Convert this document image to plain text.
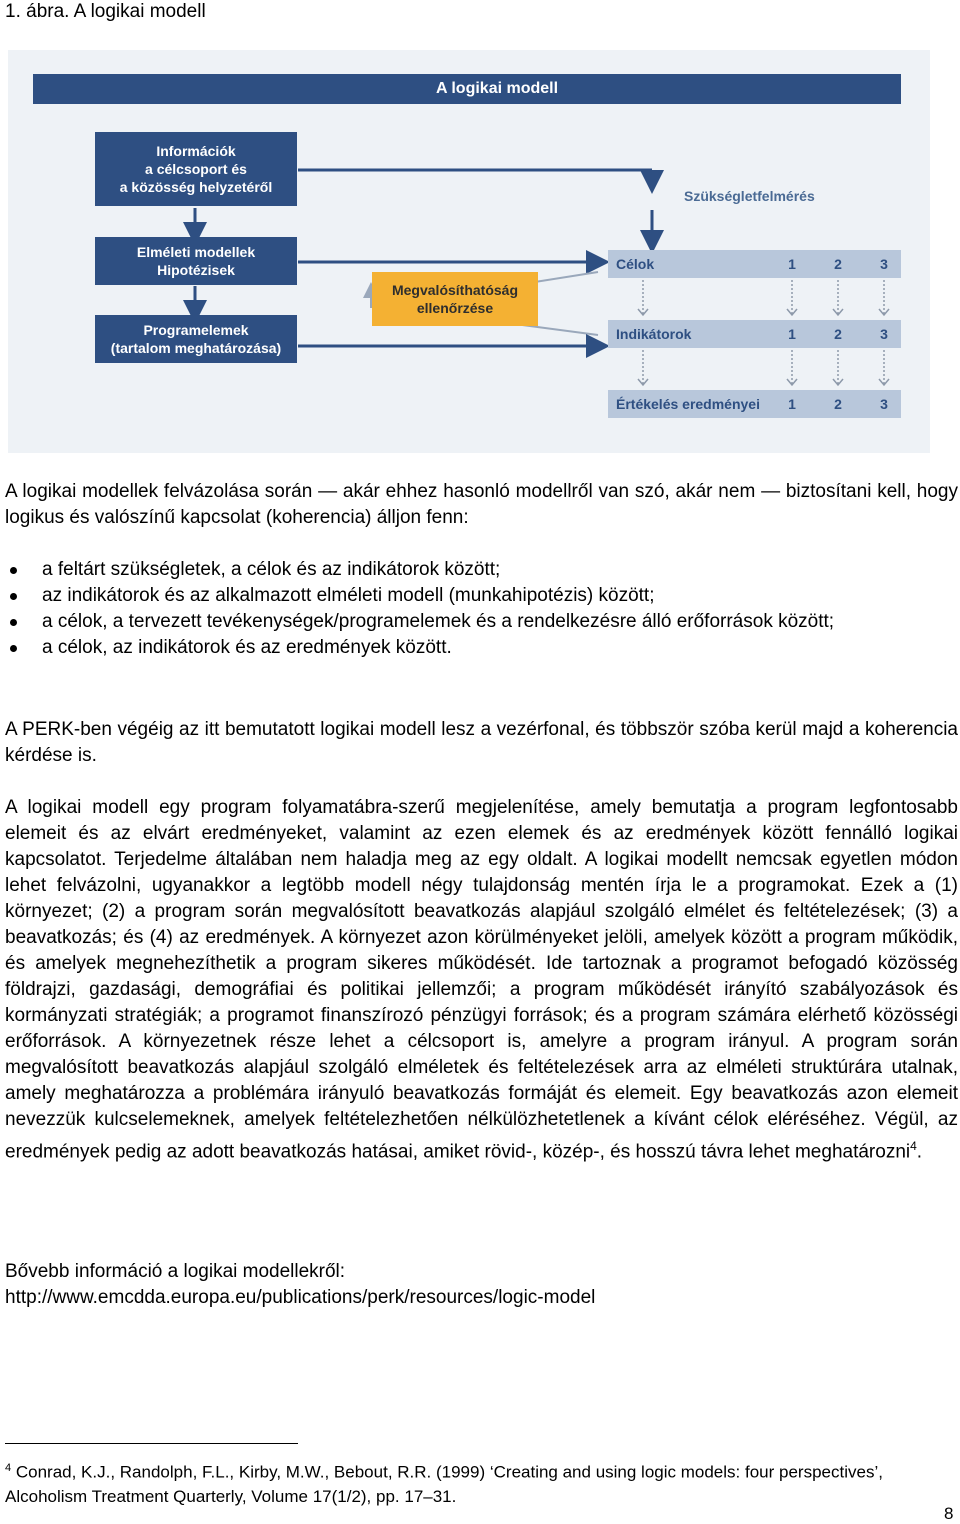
1. ábra. A logikai modell
A logikai modell
Információk
a célcsoport és
a közösség helyzetéről
Elméleti modellek
Hipotézisek
Programelemek
(tartalom meghatározása)
Megvalósíthatóság
ellenőrzése
Szükségletfelmérés
Célok	1	2	3
Indikátorok	1	2	3
Értékelés eredményei	1	2	3

A logikai modellek felvázolása során — akár ehhez hasonló modellről van szó, akár nem — biztosítani kell, hogy logikus és valószínű kapcsolat (koherencia) álljon fenn:

a feltárt szükségletek, a célok és az indikátorok között;
az indikátorok és az alkalmazott elméleti modell (munkahipotézis) között;
a célok, a tervezett tevékenységek/programelemek és a rendelkezésre álló erőforrások között;
a célok, az indikátorok és az eredmények között.

A PERK-ben végéig az itt bemutatott logikai modell lesz a vezérfonal, és többször szóba kerül majd a koherencia kérdése is.

A logikai modell egy program folyamatábra-szerű megjelenítése, amely bemutatja a program legfontosabb elemeit és az elvárt eredményeket, valamint az ezen elemek és az eredmények között fennálló logikai kapcsolatot. Terjedelme általában nem haladja meg az egy oldalt. A logikai modellt nemcsak egyetlen módon lehet felvázolni, ugyanakkor a legtöbb modell négy tulajdonság mentén írja le a programokat. Ezek a (1) környezet; (2) a program során megvalósított beavatkozás alapjául szolgáló elmélet és feltételezések; (3) a beavatkozás; és (4) az eredmények. A környezet azon körülményeket jelöli, amelyek között a program működik, és amelyek megnehezíthetik a program sikeres működését. Ide tartoznak a programot befogadó közösség földrajzi, gazdasági, demográfiai és politikai jellemzői; a program működését irányító szabályozások és kormányzati stratégiák; a programot finanszírozó pénzügyi források; és a program számára elérhető közösségi erőforrások. A környezetnek része lehet a célcsoport is, amelyre a program irányul. A program során megvalósított beavatkozás alapjául szolgáló elméletek és feltételezések arra az elméleti struktúrára utalnak, amely meghatározza a problémára irányuló beavatkozás formáját és elemeit. Egy beavatkozás azon elemeit nevezzük kulcselemeknek, amelyek feltételezhetően nélkülözhetetlenek a kívánt célok eléréséhez. Végül, az eredmények pedig az adott beavatkozás hatásai, amiket rövid-, közép-, és hosszú távra lehet meghatározni$^4$.

Bővebb információ a logikai modellekről:
http://www.emcdda.europa.eu/publications/perk/resources/logic-model
$^4$ Conrad, K.J., Randolph, F.L., Kirby, M.W., Bebout, R.R. (1999) ‘Creating and using logic models: four perspectives’, Alcoholism Treatment Quarterly, Volume 17(1/2), pp. 17–31.
8
